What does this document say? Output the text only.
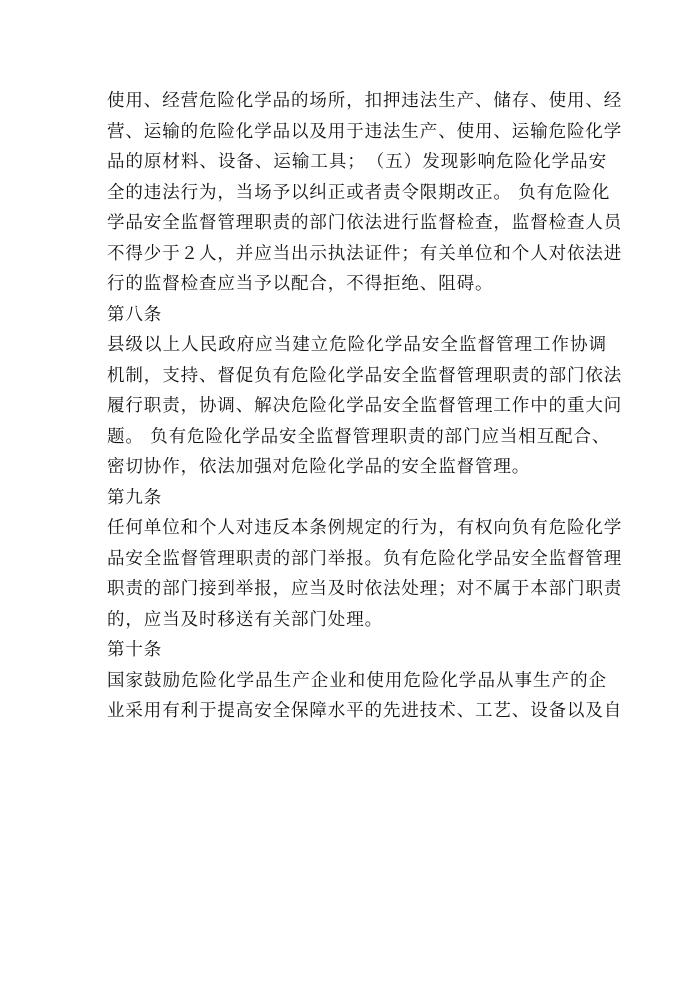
使用、经营危险化学品的场所，扣押违法生产、储存、使用、经
营、运输的危险化学品以及用于违法生产、使用、运输危险化学
品的原材料、设备、运输工具；　（五）发现影响危险化学品安
全的违法行为，当场予以纠正或者责令限期改正。 负有危险化
学品安全监督管理职责的部门依法进行监督检查，监督检查人员
不得少于２人，并应当出示执法证件；有关单位和个人对依法进
行的监督检查应当予以配合，不得拒绝、阻碍。
第八条
县级以上人民政府应当建立危险化学品安全监督管理工作协调
机制，支持、督促负有危险化学品安全监督管理职责的部门依法
履行职责，协调、解决危险化学品安全监督管理工作中的重大问
题。 负有危险化学品安全监督管理职责的部门应当相互配合、
密切协作，依法加强对危险化学品的安全监督管理。
第九条
任何单位和个人对违反本条例规定的行为，有权向负有危险化学
品安全监督管理职责的部门举报。负有危险化学品安全监督管理
职责的部门接到举报，应当及时依法处理；对不属于本部门职责
的，应当及时移送有关部门处理。
第十条
国家鼓励危险化学品生产企业和使用危险化学品从事生产的企
业采用有利于提高安全保障水平的先进技术、工艺、设备以及自
